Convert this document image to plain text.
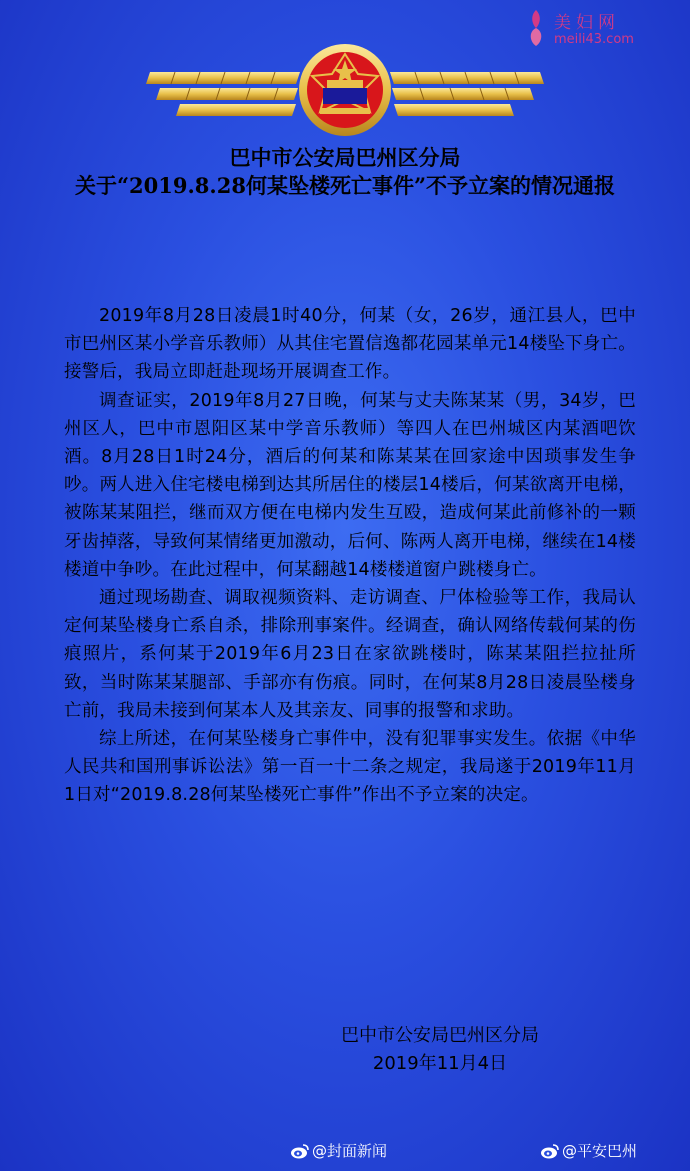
美妇网
meili43.com
巴中市公安局巴州区分局
关于“2019.8.28何某坠楼死亡事件”不予立案的情况通报

2019年8月28日凌晨1时40分，何某（女，26岁，通江县人，巴中市巴州区某小学音乐教师）从其住宅置信逸都花园某单元14楼坠下身亡。接警后，我局立即赶赴现场开展调查工作。

调查证实，2019年8月27日晚，何某与丈夫陈某某（男，34岁，巴州区人，巴中市恩阳区某中学音乐教师）等四人在巴州城区内某酒吧饮酒。8月28日1时24分，酒后的何某和陈某某在回家途中因琐事发生争吵。两人进入住宅楼电梯到达其所居住的楼层14楼后，何某欲离开电梯，被陈某某阻拦，继而双方便在电梯内发生互殴，造成何某此前修补的一颗牙齿掉落，导致何某情绪更加激动，后何、陈两人离开电梯，继续在14楼楼道中争吵。在此过程中，何某翻越14楼楼道窗户跳楼身亡。

通过现场勘查、调取视频资料、走访调查、尸体检验等工作，我局认定何某坠楼身亡系自杀，排除刑事案件。经调查，确认网络传载何某的伤痕照片，系何某于2019年6月23日在家欲跳楼时，陈某某阻拦拉扯所致，当时陈某某腿部、手部亦有伤痕。同时，在何某8月28日凌晨坠楼身亡前，我局未接到何某本人及其亲友、同事的报警和求助。

综上所述，在何某坠楼身亡事件中，没有犯罪事实发生。依据《中华人民共和国刑事诉讼法》第一百一十二条之规定，我局遂于2019年11月1日对“2019.8.28何某坠楼死亡事件”作出不予立案的决定。

巴中市公安局巴州区分局
2019年11月4日
@封面新闻	@平安巴州
